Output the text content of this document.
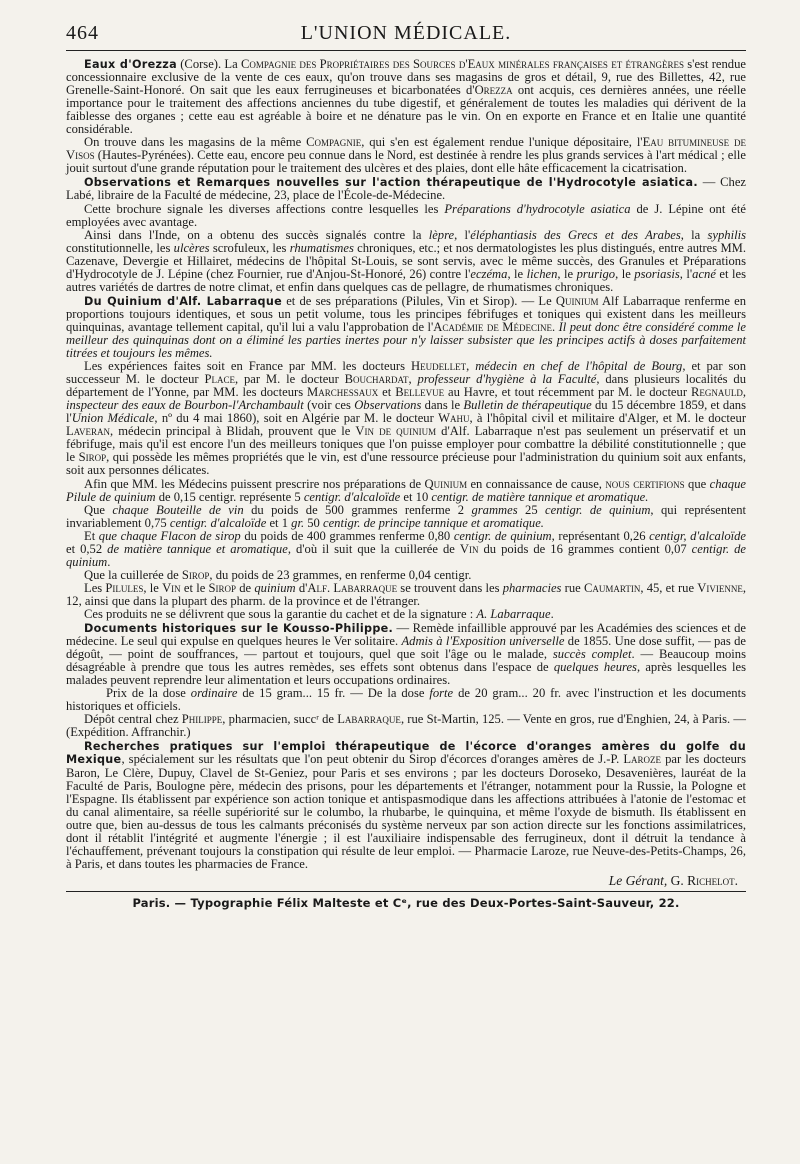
464	L'UNION MÉDICALE.

Eaux d'Orezza (Corse). La Compagnie des Propriétaires des Sources d'Eaux minérales françaises et étrangères s'est rendue concessionnaire exclusive de la vente de ces eaux, qu'on trouve dans ses magasins de gros et détail, 9, rue des Billettes, 42, rue Grenelle-Saint-Honoré. On sait que les eaux ferrugineuses et bicarbonatées d'Orezza ont acquis, ces dernières années, une réelle importance pour le traitement des affections anciennes du tube digestif, et généralement de toutes les maladies qui dérivent de la faiblesse des organes ; cette eau est agréable à boire et ne dénature pas le vin. On en exporte en France et en Italie une quantité considérable.

On trouve dans les magasins de la même Compagnie, qui s'en est également rendue l'unique dépositaire, l'Eau bitumineuse de Visos (Hautes-Pyrénées). Cette eau, encore peu connue dans le Nord, est destinée à rendre les plus grands services à l'art médical ; elle jouit surtout d'une grande réputation pour le traitement des ulcères et des plaies, dont elle hâte efficacement la cicatrisation.

Observations et Remarques nouvelles sur l'action thérapeutique de l'Hydrocotyle asiatica. — Chez Labé, libraire de la Faculté de médecine, 23, place de l'École-de-Médecine.

Cette brochure signale les diverses affections contre lesquelles les Préparations d'hydrocotyle asiatica de J. Lépine ont été employées avec avantage.

Ainsi dans l'Inde, on a obtenu des succès signalés contre la lèpre, l'éléphantiasis des Grecs et des Arabes, la syphilis constitutionnelle, les ulcères scrofuleux, les rhumatismes chroniques, etc.; et nos dermatologistes les plus distingués, entre autres MM. Cazenave, Devergie et Hillairet, médecins de l'hôpital St-Louis, se sont servis, avec le même succès, des Granules et Préparations d'Hydrocotyle de J. Lépine (chez Fournier, rue d'Anjou-St-Honoré, 26) contre l'eczéma, le lichen, le prurigo, le psoriasis, l'acné et les autres variétés de dartres de notre climat, et enfin dans quelques cas de pellagre, de rhumatismes chroniques.

Du Quinium d'Alf. Labarraque et de ses préparations (Pilules, Vin et Sirop). — Le Quinium Alf Labarraque renferme en proportions toujours identiques, et sous un petit volume, tous les principes fébrifuges et toniques qui existent dans les meilleurs quinquinas, avantage tellement capital, qu'il lui a valu l'approbation de l'Académie de Médecine. Il peut donc être considéré comme le meilleur des quinquinas dont on a éliminé les parties inertes pour n'y laisser subsister que les principes actifs à doses parfaitement titrées et toujours les mêmes.

Les expériences faites soit en France par MM. les docteurs Heudellet, médecin en chef de l'hôpital de Bourg, et par son successeur M. le docteur Place, par M. le docteur Bouchardat, professeur d'hygiène à la Faculté, dans plusieurs localités du département de l'Yonne, par MM. les docteurs Marchessaux et Bellevue au Havre, et tout récemment par M. le docteur Regnauld, inspecteur des eaux de Bourbon-l'Archambault (voir ces Observations dans le Bulletin de thérapeutique du 15 décembre 1859, et dans l'Union Médicale, nº du 4 mai 1860), soit en Algérie par M. le docteur Wahu, à l'hôpital civil et militaire d'Alger, et M. le docteur Laveran, médecin principal à Blidah, prouvent que le Vin de quinium d'Alf. Labarraque n'est pas seulement un préservatif et un fébrifuge, mais qu'il est encore l'un des meilleurs toniques que l'on puisse employer pour combattre la débilité constitutionnelle ; que le Sirop, qui possède les mêmes propriétés que le vin, est d'une ressource précieuse pour l'administration du quinium soit aux enfants, soit aux personnes délicates.

Afin que MM. les Médecins puissent prescrire nos préparations de Quinium en connaissance de cause, nous certifions que chaque Pilule de quinium de 0,15 centigr. représente 5 centigr. d'alcaloïde et 10 centigr. de matière tannique et aromatique.

Que chaque Bouteille de vin du poids de 500 grammes renferme 2 grammes 25 centigr. de quinium, qui représentent invariablement 0,75 centigr. d'alcaloïde et 1 gr. 50 centigr. de principe tannique et aromatique.

Et que chaque Flacon de sirop du poids de 400 grammes renferme 0,80 centigr. de quinium, représentant 0,26 centigr, d'alcaloïde et 0,52 de matière tannique et aromatique, d'où il suit que la cuillerée de Vin du poids de 16 grammes contient 0,07 centigr. de quinium.

Que la cuillerée de Sirop, du poids de 23 grammes, en renferme 0,04 centigr.

Les Pilules, le Vin et le Sirop de quinium d'Alf. Labarraque se trouvent dans les pharmacies rue Caumartin, 45, et rue Vivienne, 12, ainsi que dans la plupart des pharm. de la province et de l'étranger.

Ces produits ne se délivrent que sous la garantie du cachet et de la signature : A. Labarraque.

Documents historiques sur le Kousso-Philippe. — Remède infaillible approuvé par les Académies des sciences et de médecine. Le seul qui expulse en quelques heures le Ver solitaire. Admis à l'Exposition universelle de 1855. Une dose suffit, — pas de dégoût, — point de souffrances, — partout et toujours, quel que soit l'âge ou le malade, succès complet. — Beaucoup moins désagréable à prendre que tous les autres remèdes, ses effets sont obtenus dans l'espace de quelques heures, après lesquelles les malades peuvent reprendre leur alimentation et leurs occupations ordinaires.

Prix de la dose ordinaire de 15 gram... 15 fr. — De la dose forte de 20 gram... 20 fr. avec l'instruction et les documents historiques et officiels.

Dépôt central chez Philippe, pharmacien, succʳ de Labarraque, rue St-Martin, 125. — Vente en gros, rue d'Enghien, 24, à Paris. — (Expédition. Affranchir.)

Recherches pratiques sur l'emploi thérapeutique de l'écorce d'oranges amères du golfe du Mexique, spécialement sur les résultats que l'on peut obtenir du Sirop d'écorces d'oranges amères de J.-P. Laroze par les docteurs Baron, Le Clère, Dupuy, Clavel de St-Geniez, pour Paris et ses environs ; par les docteurs Doroseko, Desavenières, lauréat de la Faculté de Paris, Boulogne père, médecin des prisons, pour les départements et l'étranger, notamment pour la Russie, la Pologne et l'Espagne. Ils établissent par expérience son action tonique et antispasmodique dans les affections attribuées à l'atonie de l'estomac et du canal alimentaire, sa réelle supériorité sur le columbo, la rhubarbe, le quinquina, et même l'oxyde de bismuth. Ils établissent en outre que, bien au-dessus de tous les calmants préconisés du système nerveux par son action directe sur les fonctions assimilatrices, dont il rétablit l'intégrité et augmente l'énergie ; il est l'auxiliaire indispensable des ferrugineux, dont il détruit la tendance à l'échauffement, prévenant toujours la constipation qui résulte de leur emploi. — Pharmacie Laroze, rue Neuve-des-Petits-Champs, 26, à Paris, et dans toutes les pharmacies de France.

Le Gérant, G. Richelot.
Paris. — Typographie Félix Malteste et Cᵉ, rue des Deux-Portes-Saint-Sauveur, 22.
